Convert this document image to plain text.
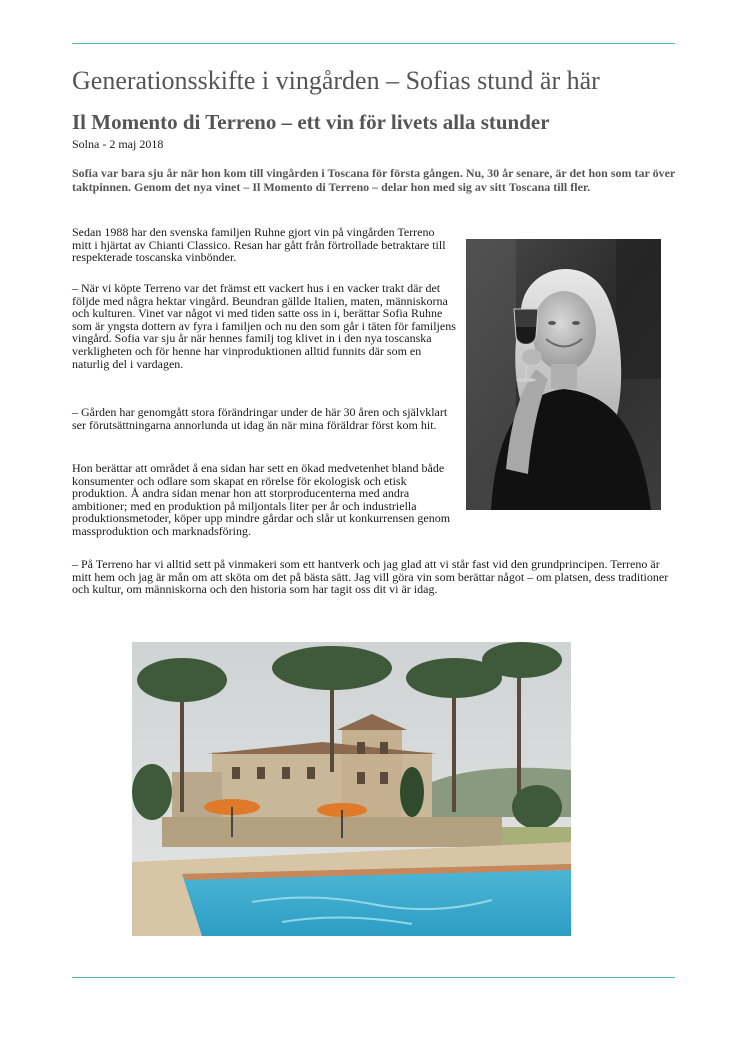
Generationsskifte i vingården – Sofias stund är här
Il Momento di Terreno – ett vin för livets alla stunder
Solna - 2 maj 2018

Sofia var bara sju år när hon kom till vingården i Toscana för första gången. Nu, 30 år senare, är det hon som tar över taktpinnen. Genom det nya vinet – Il Momento di Terreno – delar hon med sig av sitt Toscana till fler.

Sedan 1988 har den svenska familjen Ruhne gjort vin på vingården Terreno mitt i hjärtat av Chianti Classico. Resan har gått från förtrollade betraktare till respekterade toscanska vinbönder.

– När vi köpte Terreno var det främst ett vackert hus i en vacker trakt där det följde med några hektar vingård. Beundran gällde Italien, maten, människorna och kulturen. Vinet var något vi med tiden satte oss in i, berättar Sofia Ruhne som är yngsta dottern av fyra i familjen och nu den som går i täten för familjens vingård. Sofia var sju år när hennes familj tog klivet in i den nya toscanska verkligheten och för henne har vinproduktionen alltid funnits där som en naturlig del i vardagen.

– Gården har genomgått stora förändringar under de här 30 åren och självklart ser förutsättningarna annorlunda ut idag än när mina föräldrar först kom hit.

Hon berättar att området å ena sidan har sett en ökad medvetenhet bland både konsumenter och odlare som skapat en rörelse för ekologisk och etisk produktion. Å andra sidan menar hon att storproducenterna med andra ambitioner; med en produktion på miljontals liter per år och industriella produktionsmetoder, köper upp mindre gårdar och slår ut konkurrensen genom massproduktion och marknadsföring.

– På Terreno har vi alltid sett på vinmakeri som ett hantverk och jag glad att vi står fast vid den grundprincipen. Terreno är mitt hem och jag är mån om att sköta om det på bästa sätt. Jag vill göra vin som berättar något – om platsen, dess traditioner och kultur, om människorna och den historia som har tagit oss dit vi är idag.
